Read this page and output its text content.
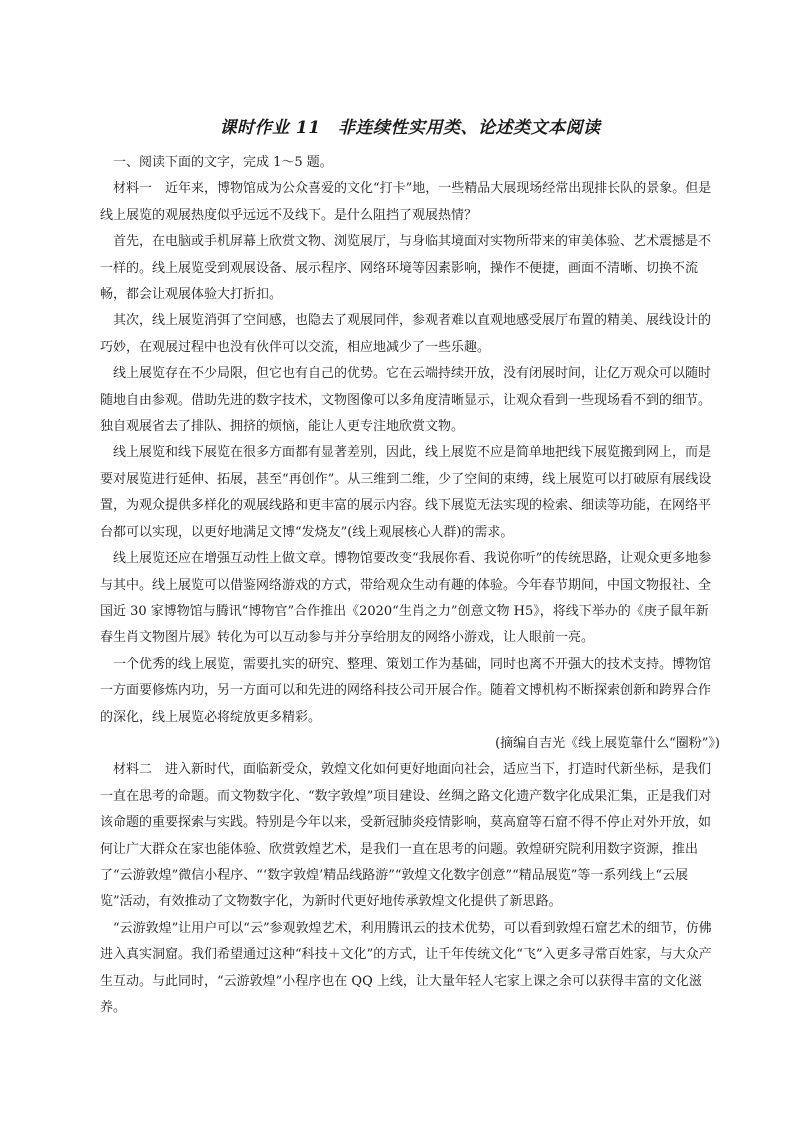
课时作业 11　非连续性实用类、论述类文本阅读

　一、阅读下面的文字，完成 1～5 题。

　材料一　近年来，博物馆成为公众喜爱的文化“打卡”地，一些精品大展现场经常出现排长队的景象。但是线上展览的观展热度似乎远远不及线下。是什么阻挡了观展热情？

　首先，在电脑或手机屏幕上欣赏文物、浏览展厅，与身临其境面对实物所带来的审美体验、艺术震撼是不一样的。线上展览受到观展设备、展示程序、网络环境等因素影响，操作不便捷，画面不清晰、切换不流畅，都会让观展体验大打折扣。

　其次，线上展览消弭了空间感，也隐去了观展同伴，参观者难以直观地感受展厅布置的精美、展线设计的巧妙，在观展过程中也没有伙伴可以交流，相应地减少了一些乐趣。

　线上展览存在不少局限，但它也有自己的优势。它在云端持续开放，没有闭展时间，让亿万观众可以随时随地自由参观。借助先进的数字技术，文物图像可以多角度清晰显示，让观众看到一些现场看不到的细节。独自观展省去了排队、拥挤的烦恼，能让人更专注地欣赏文物。

　线上展览和线下展览在很多方面都有显著差别，因此，线上展览不应是简单地把线下展览搬到网上，而是要对展览进行延伸、拓展，甚至“再创作”。从三维到二维，少了空间的束缚，线上展览可以打破原有展线设置，为观众提供多样化的观展线路和更丰富的展示内容。线下展览无法实现的检索、细读等功能，在网络平台都可以实现，以更好地满足文博“发烧友”(线上观展核心人群)的需求。

　线上展览还应在增强互动性上做文章。博物馆要改变“我展你看、我说你听”的传统思路，让观众更多地参与其中。线上展览可以借鉴网络游戏的方式，带给观众生动有趣的体验。今年春节期间，中国文物报社、全国近 30 家博物馆与腾讯“博物官”合作推出《2020“生肖之力”创意文物 H5》，将线下举办的《庚子鼠年新春生肖文物图片展》转化为可以互动参与并分享给朋友的网络小游戏，让人眼前一亮。

　一个优秀的线上展览，需要扎实的研究、整理、策划工作为基础，同时也离不开强大的技术支持。博物馆一方面要修炼内功，另一方面可以和先进的网络科技公司开展合作。随着文博机构不断探索创新和跨界合作的深化，线上展览必将绽放更多精彩。

(摘编自吉光《线上展览靠什么“圈粉”》)

　材料二　进入新时代，面临新受众，敦煌文化如何更好地面向社会，适应当下，打造时代新坐标，是我们一直在思考的命题。而文物数字化、“数字敦煌”项目建设、丝绸之路文化遗产数字化成果汇集，正是我们对该命题的重要探索与实践。特别是今年以来，受新冠肺炎疫情影响，莫高窟等石窟不得不停止对外开放，如何让广大群众在家也能体验、欣赏敦煌艺术，是我们一直在思考的问题。敦煌研究院利用数字资源，推出了“云游敦煌”微信小程序、“‘数字敦煌’精品线路游”“敦煌文化数字创意”“精品展览”等一系列线上“云展览”活动，有效推动了文物数字化，为新时代更好地传承敦煌文化提供了新思路。

　“云游敦煌”让用户可以“云”参观敦煌艺术，利用腾讯云的技术优势，可以看到敦煌石窟艺术的细节，仿佛进入真实洞窟。我们希望通过这种“科技＋文化”的方式，让千年传统文化“飞”入更多寻常百姓家，与大众产生互动。与此同时，“云游敦煌”小程序也在 QQ 上线，让大量年轻人宅家上课之余可以获得丰富的文化滋养。
